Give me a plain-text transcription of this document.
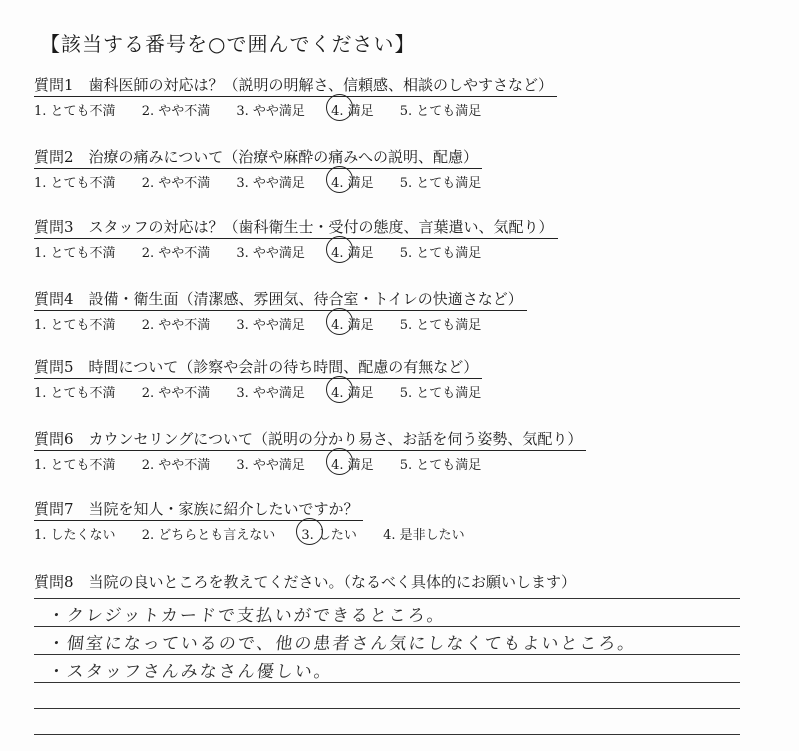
【該当する番号を○で囲んでください】
質問1　歯科医師の対応は？（説明の明解さ、信頼感、相談のしやすさなど）
1. とても不満 2. やや不満 3. やや満足 4. 満足 5. とても満足
質問2　治療の痛みについて（治療や麻酔の痛みへの説明、配慮）
1. とても不満 2. やや不満 3. やや満足 4. 満足 5. とても満足
質問3　スタッフの対応は？（歯科衛生士・受付の態度、言葉遣い、気配り）
1. とても不満 2. やや不満 3. やや満足 4. 満足 5. とても満足
質問4　設備・衛生面（清潔感、雰囲気、待合室・トイレの快適さなど）
1. とても不満 2. やや不満 3. やや満足 4. 満足 5. とても満足
質問5　時間について（診察や会計の待ち時間、配慮の有無など）
1. とても不満 2. やや不満 3. やや満足 4. 満足 5. とても満足
質問6　カウンセリングについて（説明の分かり易さ、お話を伺う姿勢、気配り）
1. とても不満 2. やや不満 3. やや満足 4. 満足 5. とても満足
質問7　当院を知人・家族に紹介したいですか？
1. したくない 2. どちらとも言えない 3. したい 4. 是非したい
質問8　当院の良いところを教えてください。（なるべく具体的にお願いします）
・クレジットカードで支払いができるところ。
・個室になっているので、他の患者さん気にしなくてもよいところ。
・スタッフさんみなさん優しい。
